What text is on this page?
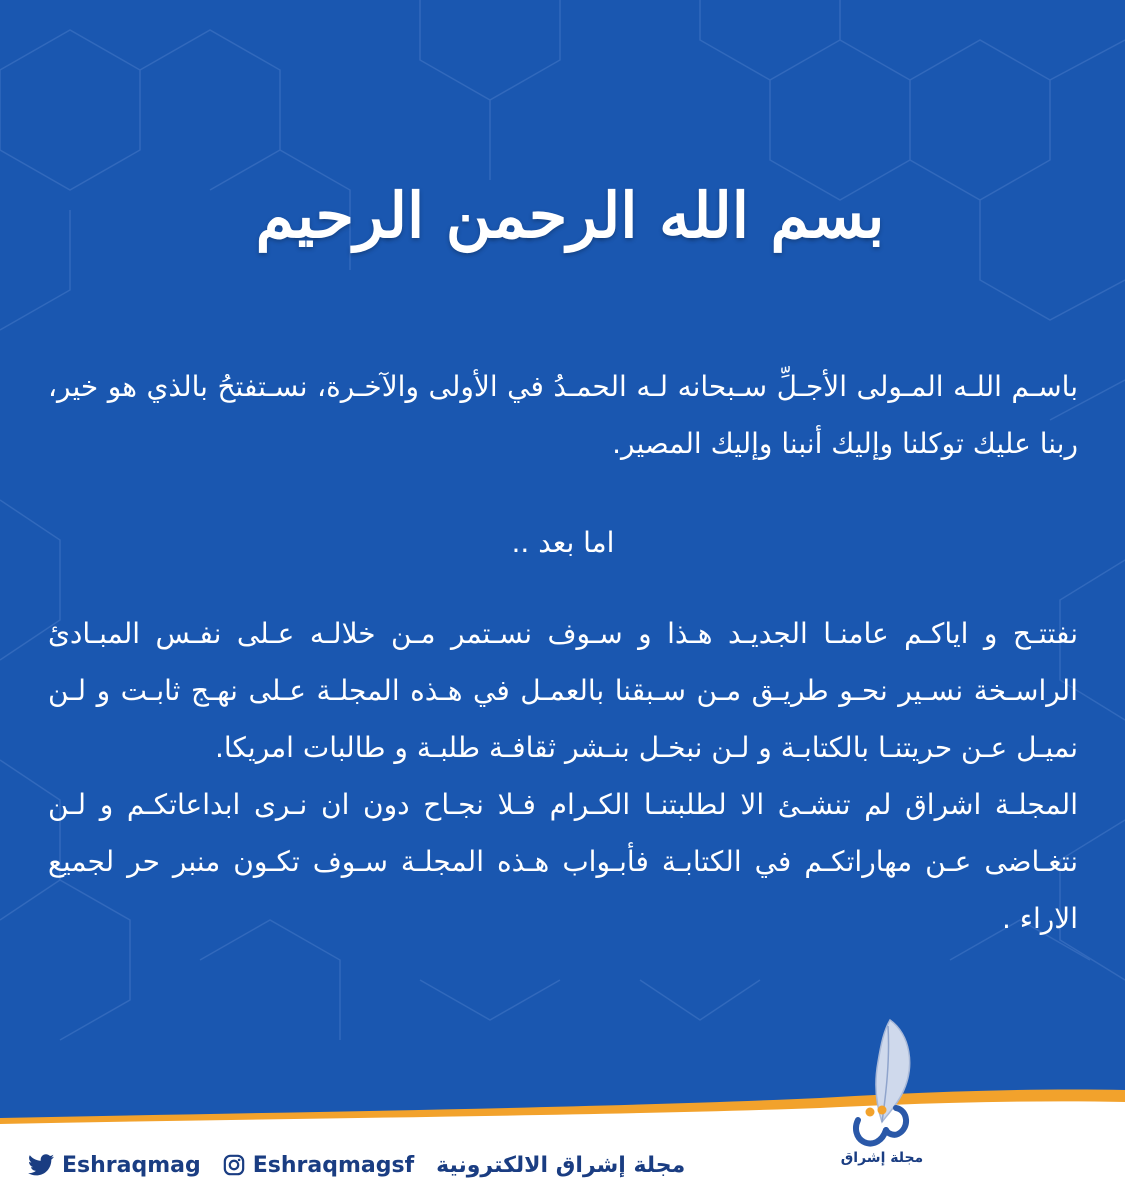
بسم الله الرحمن الرحيم

باسـم اللـه المـولى الأجـلِّ سـبحانه لـه الحمـدُ في الأولى والآخـرة، نسـتفتحُ بالذي هو خير، ربنا عليك توكلنا وإليك أنبنا وإليك المصير.

اما بعد ..

نفتتـح و اياكـم عامنـا الجديـد هـذا و سـوف نسـتمر مـن خلالـه عـلى نفـس المبـادئ الراسـخة نسـير نحـو طريـق مـن سـبقنا بالعمـل في هـذه المجلـة عـلى نهـج ثابـت و لـن نميـل عـن حريتنـا بالكتابـة و لـن نبخـل بنـشر ثقافـة طلبـة و طالبات امريكا.

المجلـة اشراق لم تنشـئ الا لطلبتنـا الكـرام فـلا نجـاح دون ان نـرى ابداعاتكـم و لـن نتغـاضى عـن مهاراتكـم في الكتابـة فأبـواب هـذه المجلـة سـوف تكـون منبر حر لجميع الاراء .

مجلة إشراق
Eshraqmag Eshraqmagsf مجلة إشراق الالكترونية
